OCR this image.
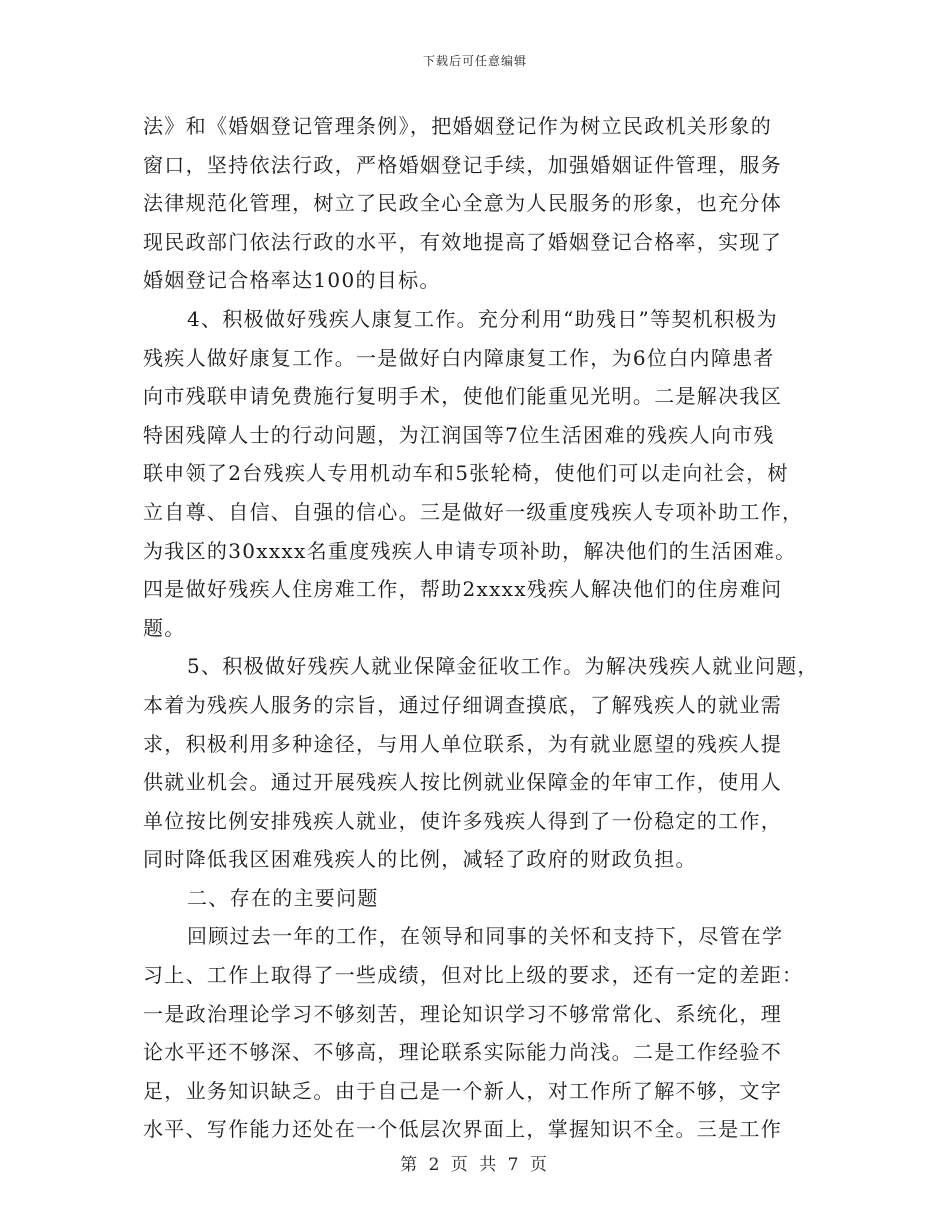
下载后可任意编辑
法》和《婚姻登记管理条例》，把婚姻登记作为树立民政机关形象的
窗口，坚持依法行政，严格婚姻登记手续，加强婚姻证件管理，服务
法律规范化管理，树立了民政全心全意为人民服务的形象，也充分体
现民政部门依法行政的水平，有效地提高了婚姻登记合格率，实现了
婚姻登记合格率达100的目标。
4、积极做好残疾人康复工作。充分利用“助残日”等契机积极为
残疾人做好康复工作。一是做好白内障康复工作，为6位白内障患者
向市残联申请免费施行复明手术，使他们能重见光明。二是解决我区
特困残障人士的行动问题，为江润国等7位生活困难的残疾人向市残
联申领了2台残疾人专用机动车和5张轮椅，使他们可以走向社会，树
立自尊、自信、自强的信心。三是做好一级重度残疾人专项补助工作，
为我区的30xxxx名重度残疾人申请专项补助，解决他们的生活困难。
四是做好残疾人住房难工作，帮助2xxxx残疾人解决他们的住房难问
题。
5、积极做好残疾人就业保障金征收工作。为解决残疾人就业问题，
本着为残疾人服务的宗旨，通过仔细调查摸底，了解残疾人的就业需
求，积极利用多种途径，与用人单位联系，为有就业愿望的残疾人提
供就业机会。通过开展残疾人按比例就业保障金的年审工作，使用人
单位按比例安排残疾人就业，使许多残疾人得到了一份稳定的工作，
同时降低我区困难残疾人的比例，减轻了政府的财政负担。
二、存在的主要问题
回顾过去一年的工作，在领导和同事的关怀和支持下，尽管在学
习上、工作上取得了一些成绩，但对比上级的要求，还有一定的差距：
一是政治理论学习不够刻苦，理论知识学习不够常常化、系统化，理
论水平还不够深、不够高，理论联系实际能力尚浅。二是工作经验不
足，业务知识缺乏。由于自己是一个新人，对工作所了解不够，文字
水平、写作能力还处在一个低层次界面上，掌握知识不全。三是工作
第 2 页 共 7 页
